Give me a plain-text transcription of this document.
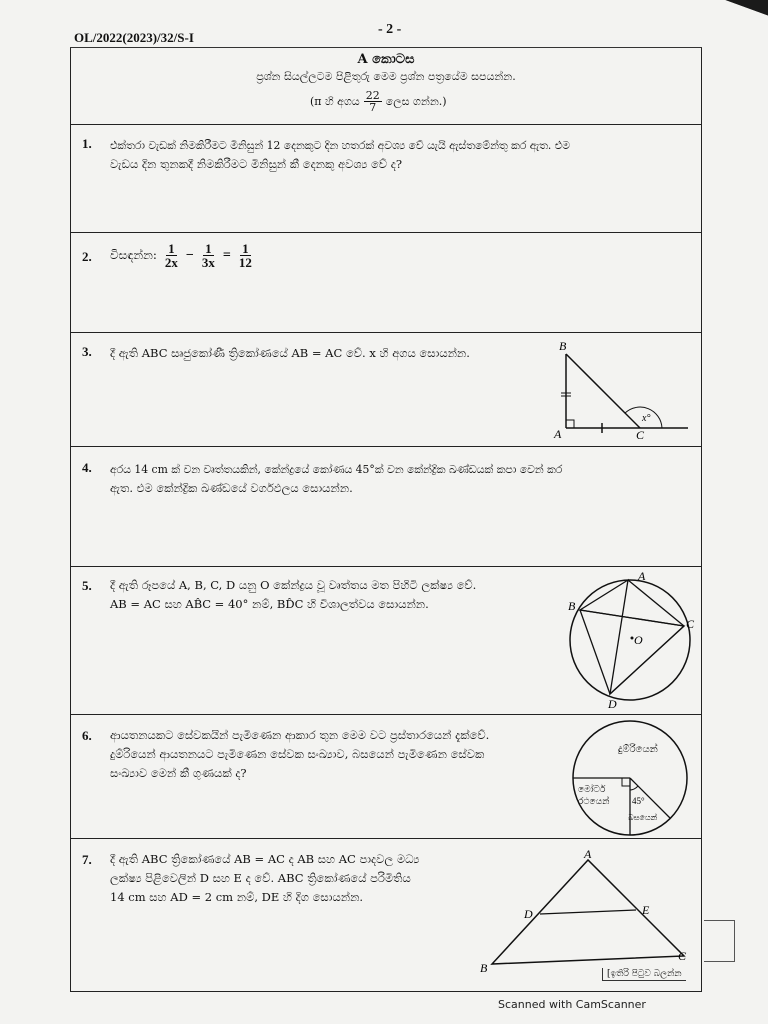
OL/2022(2023)/32/S-I
- 2 -
A කොටස
ප්‍රශ්න සියල්ලටම පිළිතුරු මෙම ප්‍රශ්න පත්‍රයේම සපයන්න.
(π හි අගය $\frac{22}{7}$ ලෙස ගන්න.)
1. එක්තරා වැඩක් නිමකිරීමට මිනිසුන් 12 දෙනකුට දින හතරක් අවශ්‍ය වේ යැයි ඇස්තමේන්තු කර ඇත. එම
වැඩය දින තුනකදී නිමකිරීමට මිනිසුන් කී දෙනකු අවශ්‍ය වේ ද?
2. විසඳන්න: $\frac{1}{2x} - \frac{1}{3x} = \frac{1}{12}$
3. දී ඇති ABC සෘජුකෝණී ත්‍රිකෝණයේ AB = AC වේ. x හි අගය සොයන්න.	B
A	C
x°
4. අරය 14 cm ක් වන වෘත්තයකින්, කේන්ද්‍රයේ කෝණය 45°ක් වන කේන්ද්‍රික ඛණ්ඩයක් කපා වෙන් කර
ඇත. එම කේන්ද්‍රික ඛණ්ඩයේ වර්ගඵලය සොයන්න.
5. දී ඇති රූපයේ A, B, C, D යනු O කේන්ද්‍රය වූ වෘත්තය මත පිහිටි ලක්ෂ්‍ය වේ.
AB = AC සහ AB̂C = 40° නම්, BD̂C හි විශාලත්වය සොයන්න.
A
B
C
D
O
6. ආයතනයකට සේවකයින් පැමිණෙන ආකාර තුන මෙම වට ප්‍රස්තාරයෙන් දැක්වේ.
දුම්රියෙන් ආයතනයට පැමිණෙන සේවක සංඛ්‍යාව, බසයෙන් පැමිණෙන සේවක
සංඛ්‍යාව මෙන් කී ගුණයක් ද?
දුම්රියෙන්
මෝටර්
රථයෙන්	45°
බසයෙන්
7. දී ඇති ABC ත්‍රිකෝණයේ AB = AC ද AB සහ AC පාදවල මධ්‍ය
ලක්ෂ්‍ය පිළිවෙලින් D සහ E ද වේ. ABC ත්‍රිකෝණයේ පරිමිතිය
14 cm සහ AD = 2 cm නම්, DE හි දිග සොයන්න.
A
B
C
D	E
[ඉතිරි පිටුව බලන්න
Scanned with CamScanner
